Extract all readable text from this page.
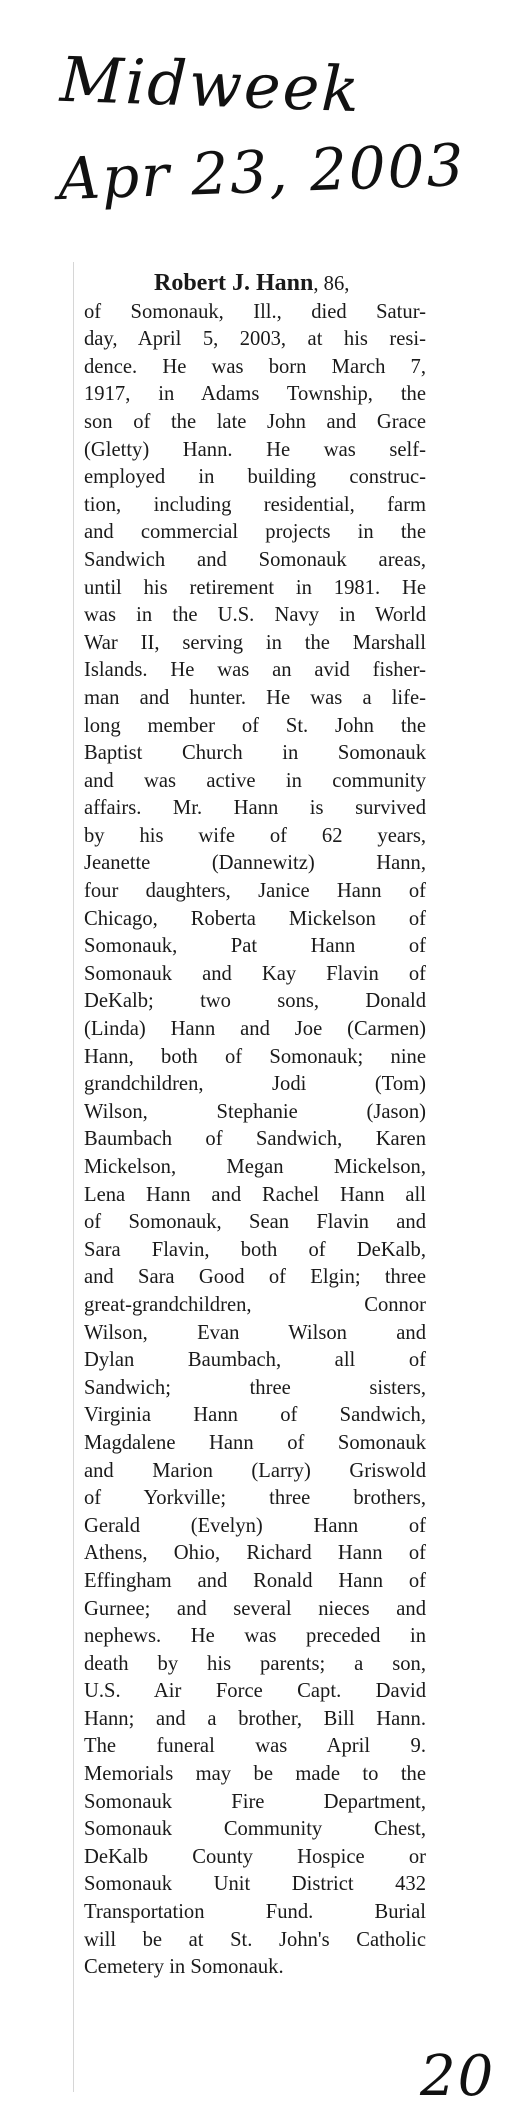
Midweek
Apr 23, 2003
Robert J. Hann, 86,
of Somonauk, Ill., died Satur-
day, April 5, 2003, at his resi-
dence. He was born March 7,
1917, in Adams Township, the
son of the late John and Grace
(Gletty) Hann. He was self-
employed in building construc-
tion, including residential, farm
and commercial projects in the
Sandwich and Somonauk areas,
until his retirement in 1981. He
was in the U.S. Navy in World
War II, serving in the Marshall
Islands. He was an avid fisher-
man and hunter. He was a life-
long member of St. John the
Baptist Church in Somonauk
and was active in community
affairs. Mr. Hann is survived
by his wife of 62 years,
Jeanette (Dannewitz) Hann,
four daughters, Janice Hann of
Chicago, Roberta Mickelson of
Somonauk, Pat Hann of
Somonauk and Kay Flavin of
DeKalb; two sons, Donald
(Linda) Hann and Joe (Carmen)
Hann, both of Somonauk; nine
grandchildren, Jodi (Tom)
Wilson, Stephanie (Jason)
Baumbach of Sandwich, Karen
Mickelson, Megan Mickelson,
Lena Hann and Rachel Hann all
of Somonauk, Sean Flavin and
Sara Flavin, both of DeKalb,
and Sara Good of Elgin; three
great-grandchildren, Connor
Wilson, Evan Wilson and
Dylan Baumbach, all of
Sandwich; three sisters,
Virginia Hann of Sandwich,
Magdalene Hann of Somonauk
and Marion (Larry) Griswold
of Yorkville; three brothers,
Gerald (Evelyn) Hann of
Athens, Ohio, Richard Hann of
Effingham and Ronald Hann of
Gurnee; and several nieces and
nephews. He was preceded in
death by his parents; a son,
U.S. Air Force Capt. David
Hann; and a brother, Bill Hann.
The funeral was April 9.
Memorials may be made to the
Somonauk Fire Department,
Somonauk Community Chest,
DeKalb County Hospice or
Somonauk Unit District 432
Transportation Fund. Burial
will be at St. John's Catholic
Cemetery in Somonauk.
20
